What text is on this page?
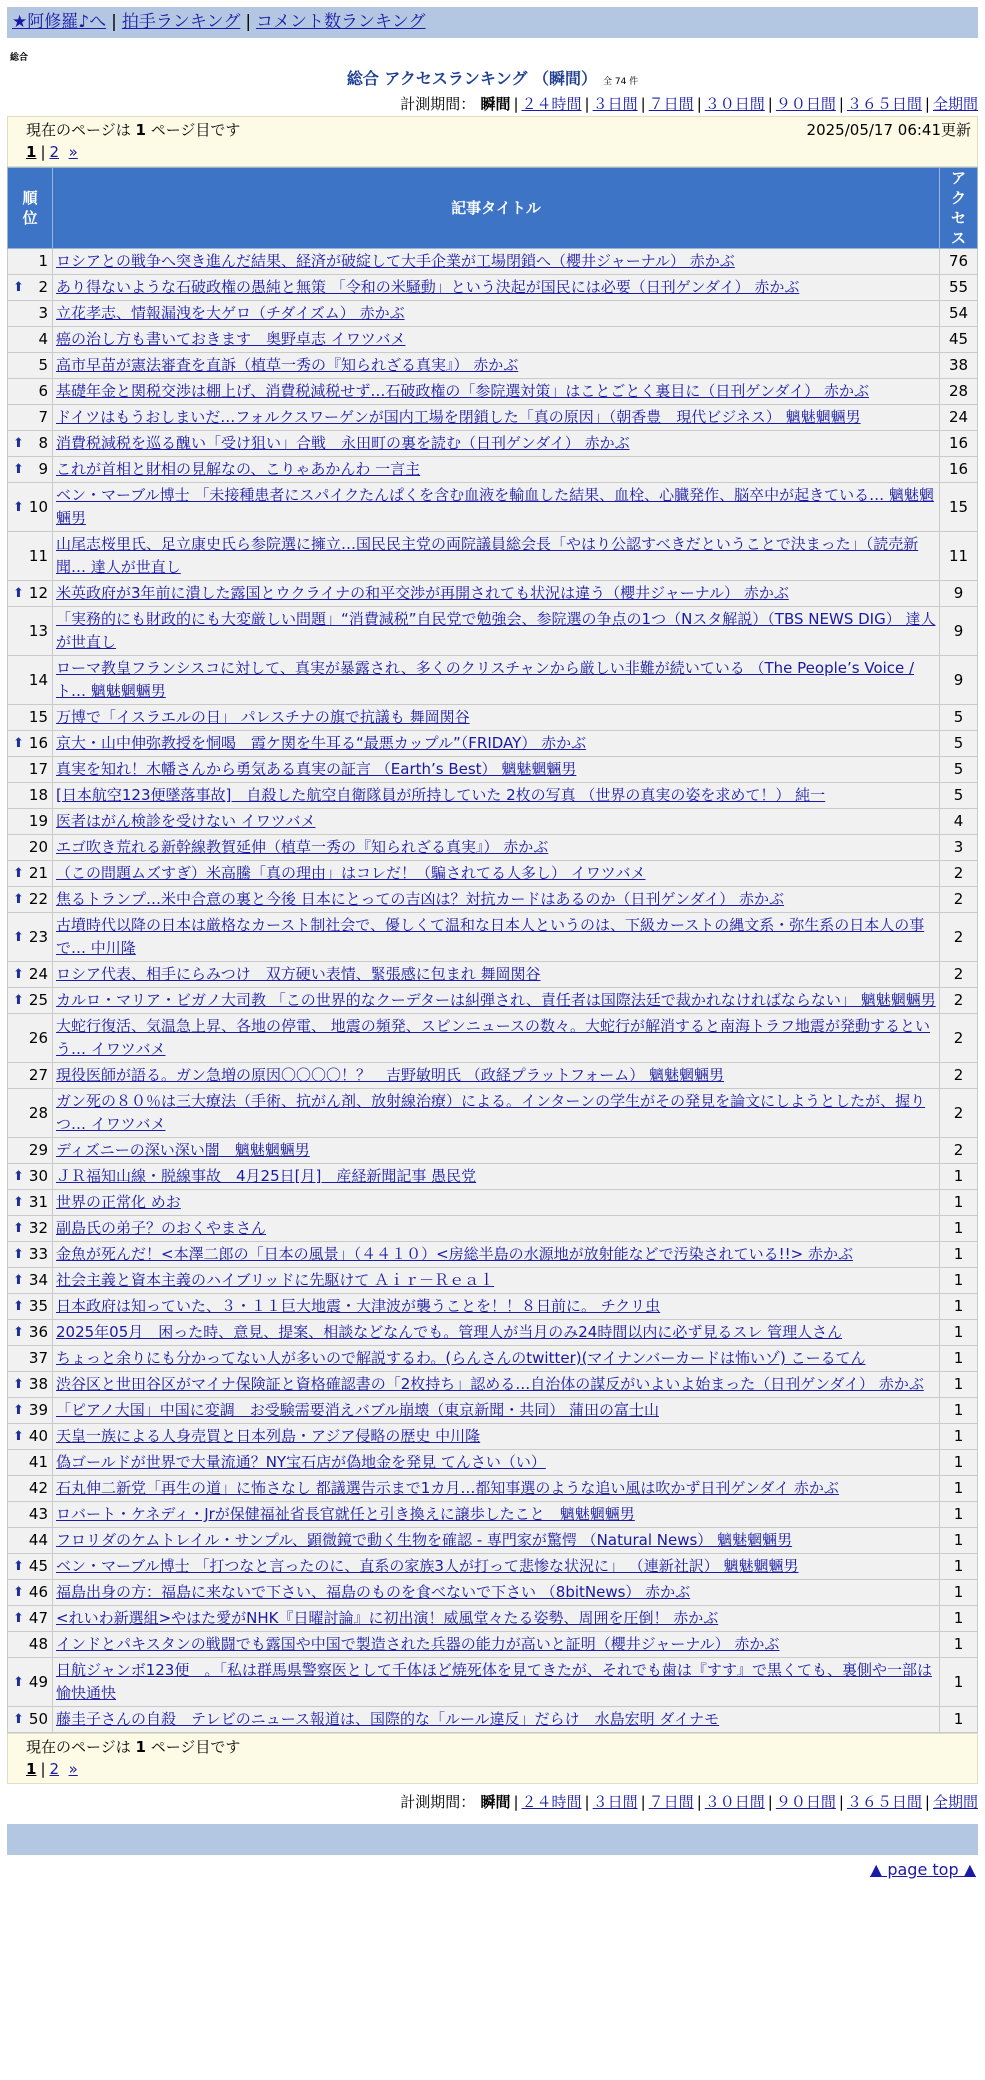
★阿修羅♪へ | 拍手ランキング | コメント数ランキング
総合
総合 アクセスランキング （瞬間） 全 74 件
計測期間： 瞬間 | ２４時間 | ３日間 | ７日間 | ３０日間 | ９０日間 | ３６５日間 | 全期間
現在のページは 1 ページ目です	2025/05/17 06:41更新
1 | 2 »
順位	記事タイトル	アクセス
1	ロシアとの戦争へ突き進んだ結果、経済が破綻して大手企業が工場閉鎖へ（櫻井ジャーナル） 赤かぶ	76

⬆ 2	あり得ないような石破政権の愚純と無策 「令和の米騒動」という決起が国民には必要（日刊ゲンダイ） 赤かぶ	55
3	立花孝志、情報漏洩を大ゲロ（チダイズム） 赤かぶ	54
4	癌の治し方も書いておきます　奥野卓志 イワツバメ	45
5	高市早苗が憲法審査を直訴（植草一秀の『知られざる真実』） 赤かぶ	38
6	基礎年金と関税交渉は棚上げ、消費税減税せず…石破政権の「参院選対策」はことごとく裏目に（日刊ゲンダイ） 赤かぶ	28
7	ドイツはもうおしまいだ…フォルクスワーゲンが国内工場を閉鎖した「真の原因」（朝香豊　現代ビジネス） 魑魅魍魎男	24

⬆ 8	消費税減税を巡る醜い「受け狙い」合戦　永田町の裏を読む（日刊ゲンダイ） 赤かぶ	16

⬆ 9	これが首相と財相の見解なの、こりゃあかんわ 一言主	16

⬆ 10	ベン・マーブル博士 「未接種患者にスパイクたんぱくを含む血液を輸血した結果、血栓、心臓発作、脳卒中が起きている… 魑魅魍魎男	15
11	山尾志桜里氏、足立康史氏ら参院選に擁立…国民民主党の両院議員総会長「やはり公認すべきだということで決まった」（読売新聞… 達人が世直し	11

⬆ 12	米英政府が3年前に潰した露国とウクライナの和平交渉が再開されても状況は違う（櫻井ジャーナル） 赤かぶ	9
13	「実務的にも財政的にも大変厳しい問題」“消費減税”自民党で勉強会、参院選の争点の1つ（Nスタ解説）（TBS NEWS DIG） 達人が世直し	9
14	ローマ教皇フランシスコに対して、真実が暴露され、多くのクリスチャンから厳しい非難が続いている （The People’s Voice / ト… 魑魅魍魎男	9
15	万博で「イスラエルの日」 パレスチナの旗で抗議も 舞岡関谷	5

⬆ 16	京大・山中伸弥教授を恫喝　霞ケ関を牛耳る“最悪カップル”（FRIDAY） 赤かぶ	5
17	真実を知れ！木幡さんから勇気ある真実の証言 （Earth’s Best） 魑魅魍魎男	5
18	[日本航空123便墜落事故]　自殺した航空自衛隊員が所持していた 2枚の写真 （世界の真実の姿を求めて！） 純一	5
19	医者はがん検診を受けない イワツバメ	4
20	エゴ吹き荒れる新幹線教賀延伸（植草一秀の『知られざる真実』） 赤かぶ	3

⬆ 21	（この問題ムズすぎ）米高騰「真の理由」はコレだ！（騙されてる人多し） イワツバメ	2

⬆ 22	焦るトランプ…米中合意の裏と今後 日本にとっての吉凶は？対抗カードはあるのか（日刊ゲンダイ） 赤かぶ	2

⬆ 23	古墳時代以降の日本は厳格なカースト制社会で、優しくて温和な日本人というのは、下級カーストの縄文系・弥生系の日本人の事で… 中川隆	2

⬆ 24	ロシア代表、相手にらみつけ　双方硬い表情、緊張感に包まれ 舞岡関谷	2

⬆ 25	カルロ・マリア・ビガノ大司教 「この世界的なクーデターは糾弾され、責任者は国際法廷で裁かれなければならない」 魑魅魍魎男	2
26	大蛇行復活、気温急上昇、各地の停電、 地震の頻発、スピンニュースの数々。大蛇行が解消すると南海トラフ地震が発動するという… イワツバメ	2
27	現役医師が語る。ガン急増の原因〇〇〇〇！？　吉野敏明氏 （政経プラットフォーム） 魑魅魍魎男	2
28	ガン死の８０％は三大療法（手術、抗がん剤、放射線治療）による。インターンの学生がその発見を論文にしようとしたが、握りつ… イワツバメ	2
29	ディズニーの深い深い闇　魑魅魍魎男	2

⬆ 30	ＪＲ福知山線・脱線事故　4月25日[月]　産経新聞記事 愚民党	1

⬆ 31	世界の正常化 めお	1

⬆ 32	副島氏の弟子？のおくやまさん	1

⬆ 33	金魚が死んだ！<本澤二郎の「日本の風景」（４４１０）<房総半島の水源地が放射能などで汚染されている!!> 赤かぶ	1

⬆ 34	社会主義と資本主義のハイブリッドに先駆けて Ａｉｒ－Ｒｅａｌ	1

⬆ 35	日本政府は知っていた、３・１１巨大地震・大津波が襲うことを！！８日前に。 チクリ虫	1

⬆ 36	2025年05月　困った時、意見、提案、相談などなんでも。管理人が当月のみ24時間以内に必ず見るスレ 管理人さん	1
37	ちょっと余りにも分かってない人が多いので解説するわ。(らんさんのtwitter)(マイナンバーカードは怖いゾ) こーるてん	1

⬆ 38	渋谷区と世田谷区がマイナ保険証と資格確認書の「2枚持ち」認める…自治体の謀反がいよいよ始まった（日刊ゲンダイ） 赤かぶ	1

⬆ 39	「ピアノ大国」中国に変調　お受験需要消えバブル崩壊（東京新聞・共同） 蒲田の富士山	1

⬆ 40	天皇一族による人身売買と日本列島・アジア侵略の歴史 中川隆	1
41	偽ゴールドが世界で大量流通？NY宝石店が偽地金を発見 てんさい（い）	1
42	石丸伸二新党「再生の道」に怖さなし 都議選告示まで1カ月…都知事選のような追い風は吹かず日刊ゲンダイ 赤かぶ	1
43	ロバート・ケネディ・Jrが保健福祉省長官就任と引き換えに譲歩したこと　魑魅魍魎男	1
44	フロリダのケムトレイル・サンプル、顕微鏡で動く生物を確認 - 専門家が驚愕 （Natural News） 魑魅魍魎男	1

⬆ 45	ベン・マーブル博士 「打つなと言ったのに、直系の家族3人が打って悲惨な状況に」 （連新社訳） 魑魅魍魎男	1

⬆ 46	福島出身の方：福島に来ないで下さい、福島のものを食べないで下さい （8bitNews） 赤かぶ	1

⬆ 47	<れいわ新選組>やはた愛がNHK『日曜討論』に初出演！威風堂々たる姿勢、周囲を圧倒！ 赤かぶ	1
48	インドとパキスタンの戦闘でも露国や中国で製造された兵器の能力が高いと証明（櫻井ジャーナル） 赤かぶ	1

⬆ 49	日航ジャンボ123便　。「私は群馬県警察医として千体ほど焼死体を見てきたが、それでも歯は『すす』で黒くても、裏側や一部は 愉快通快	1

⬆ 50	藤圭子さんの自殺　テレビのニュース報道は、国際的な「ルール違反」だらけ　水島宏明 ダイナモ	1
現在のページは 1 ページ目です
1 | 2 »
計測期間： 瞬間 | ２４時間 | ３日間 | ７日間 | ３０日間 | ９０日間 | ３６５日間 | 全期間
▲ page top ▲
